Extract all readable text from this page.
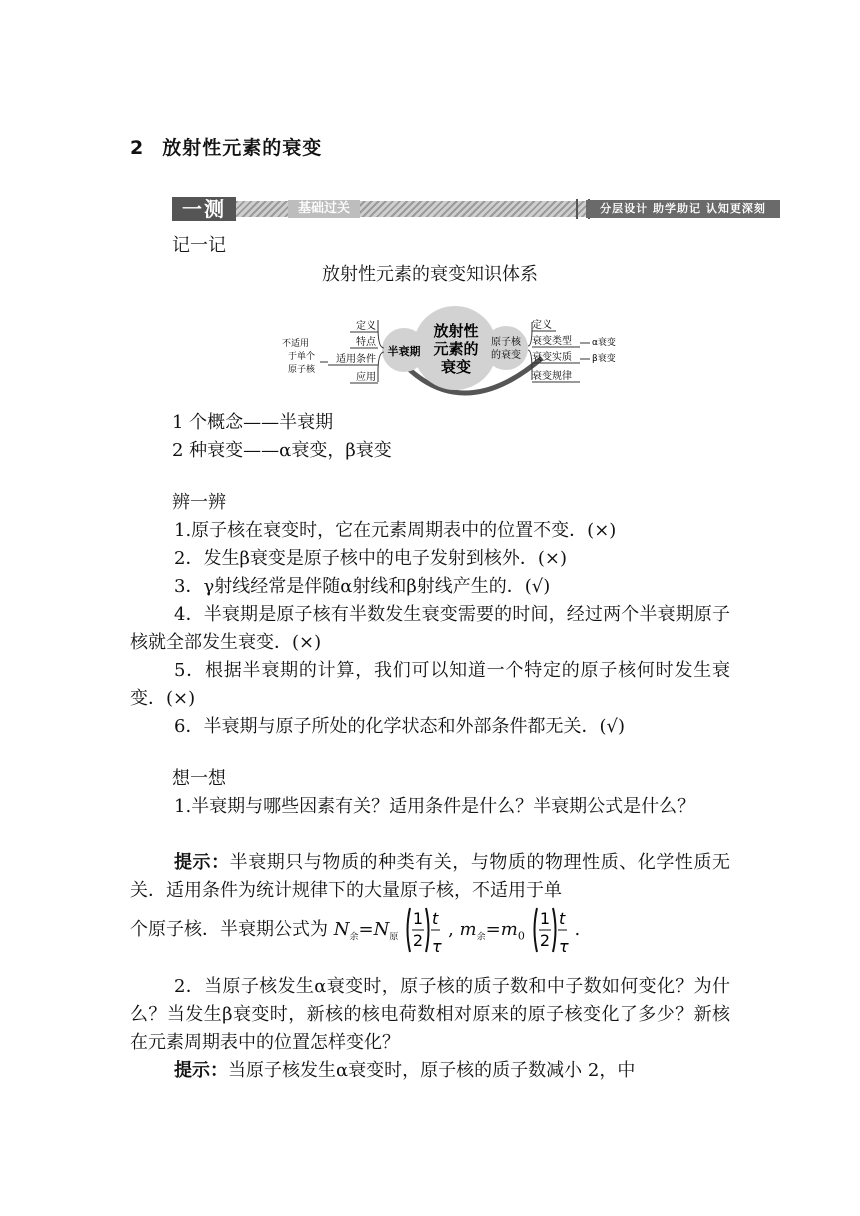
2 放射性元素的衰变
一测	基础过关	分层设计 助学助记 认知更深刻
记一记
放射性元素的衰变知识体系
放射性
元素的
衰变
半衰期
原子核
的衰变
定义
特点
适用条件
应用
不适用
于单个
原子核
定义
衰变类型
衰变实质
衰变规律
α衰变
β衰变
1 个概念——半衰期
2 种衰变——α衰变，β衰变
辨一辨
1.原子核在衰变时，它在元素周期表中的位置不变．(×)
2．发生β衰变是原子核中的电子发射到核外．(×)
3．γ射线经常是伴随α射线和β射线产生的．(√)
4．半衰期是原子核有半数发生衰变需要的时间，经过两个半衰期原子核就全部发生衰变．(×)
5．根据半衰期的计算，我们可以知道一个特定的原子核何时发生衰变．(×)
6．半衰期与原子所处的化学状态和外部条件都无关．(√)
想一想
1.半衰期与哪些因素有关？适用条件是什么？半衰期公式是什么？
提示：半衰期只与物质的种类有关，与物质的物理性质、化学性质无关．适用条件为统计规律下的大量原子核，不适用于单
个原子核．半衰期公式为 $N_余=N_原$
1
2
t
τ
, $m_余=m_0$
1
2
t
τ
.
2．当原子核发生α衰变时，原子核的质子数和中子数如何变化？为什么？当发生β衰变时，新核的核电荷数相对原来的原子核变化了多少？新核在元素周期表中的位置怎样变化？
提示：当原子核发生α衰变时，原子核的质子数减小 2，中
